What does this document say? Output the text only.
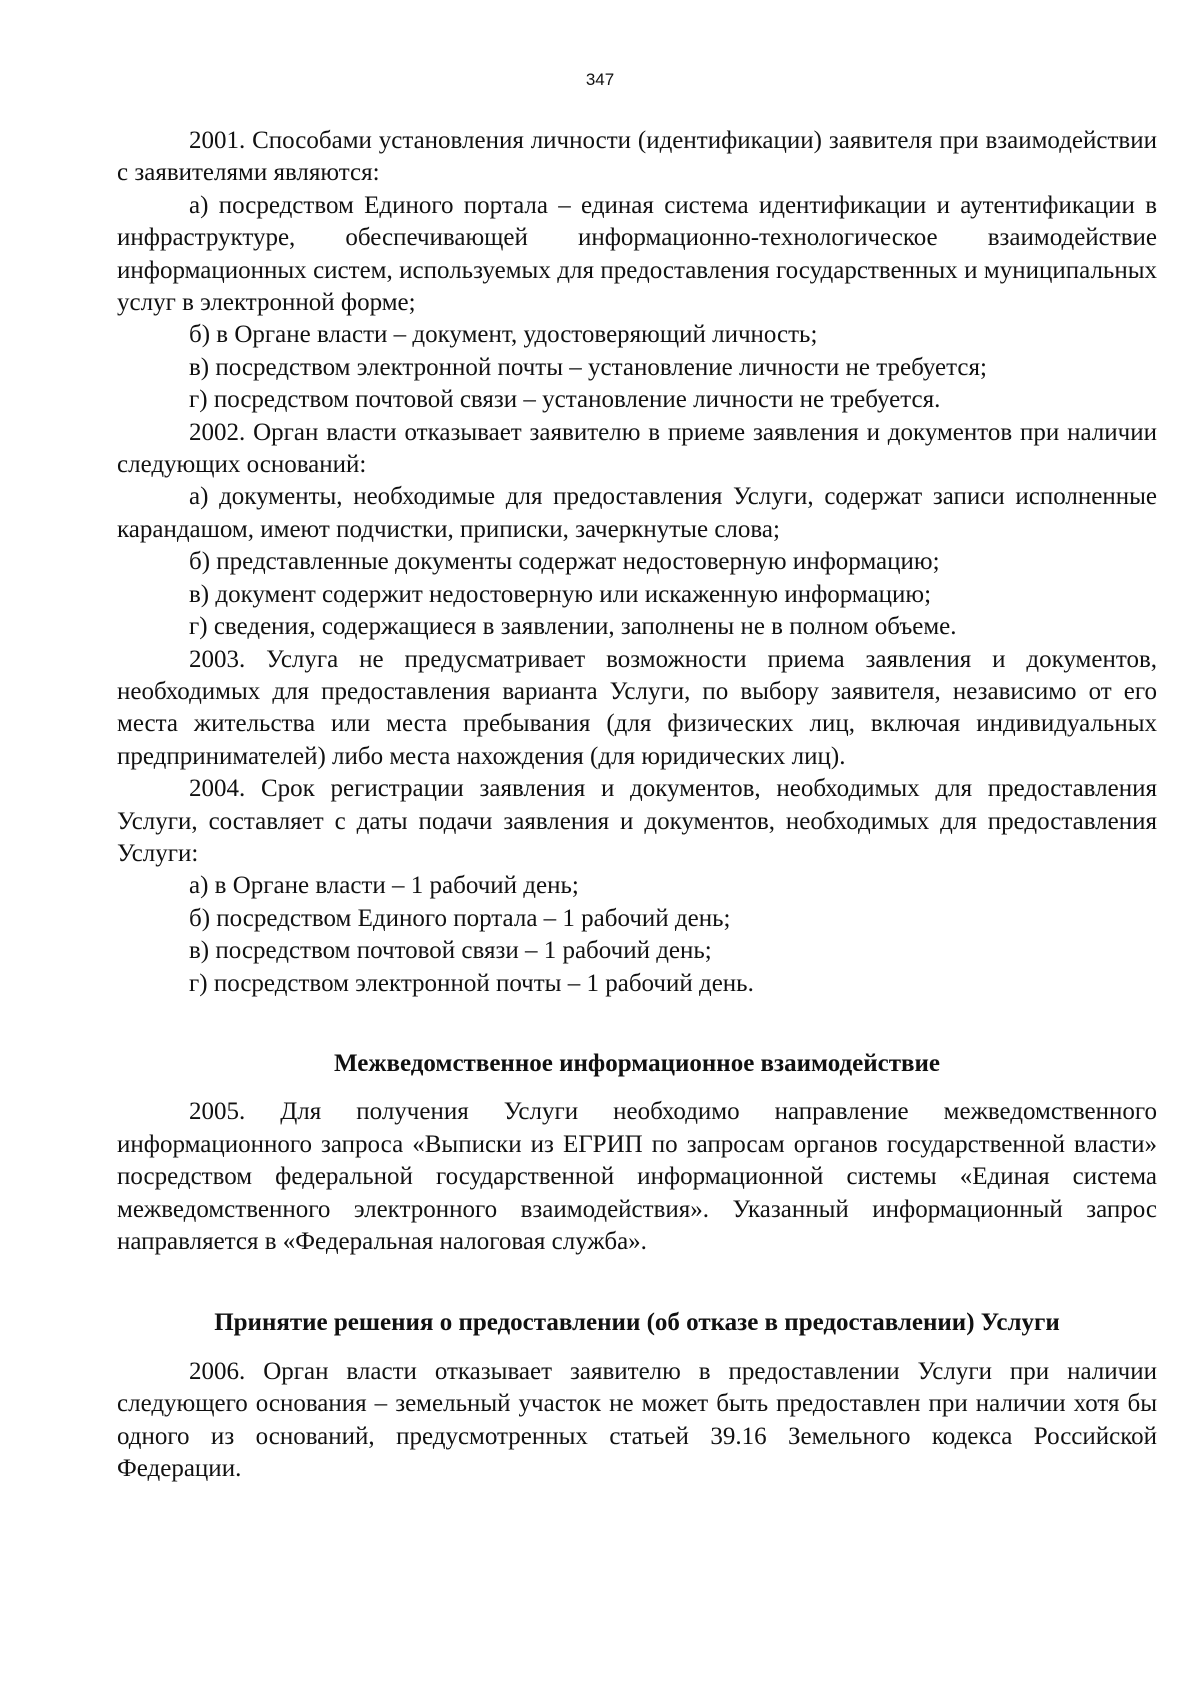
347

2001. Способами установления личности (идентификации) заявителя при взаимодействии с заявителями являются:

а) посредством Единого портала – единая система идентификации и аутентификации в инфраструктуре, обеспечивающей информационно-технологическое взаимодействие информационных систем, используемых для предоставления государственных и муниципальных услуг в электронной форме;

б) в Органе власти – документ, удостоверяющий личность;

в) посредством электронной почты – установление личности не требуется;

г) посредством почтовой связи – установление личности не требуется.

2002. Орган власти отказывает заявителю в приеме заявления и документов при наличии следующих оснований:

а) документы, необходимые для предоставления Услуги, содержат записи исполненные карандашом, имеют подчистки, приписки, зачеркнутые слова;

б) представленные документы содержат недостоверную информацию;

в) документ содержит недостоверную или искаженную информацию;

г) сведения, содержащиеся в заявлении, заполнены не в полном объеме.

2003. Услуга не предусматривает возможности приема заявления и документов, необходимых для предоставления варианта Услуги, по выбору заявителя, независимо от его места жительства или места пребывания (для физических лиц, включая индивидуальных предпринимателей) либо места нахождения (для юридических лиц).

2004. Срок регистрации заявления и документов, необходимых для предоставления Услуги, составляет с даты подачи заявления и документов, необходимых для предоставления Услуги:

а) в Органе власти – 1 рабочий день;

б) посредством Единого портала – 1 рабочий день;

в) посредством почтовой связи – 1 рабочий день;

г) посредством электронной почты – 1 рабочий день.

Межведомственное информационное взаимодействие

2005. Для получения Услуги необходимо направление межведомственного информационного запроса «Выписки из ЕГРИП по запросам органов государственной власти» посредством федеральной государственной информационной системы «Единая система межведомственного электронного взаимодействия». Указанный информационный запрос направляется в «Федеральная налоговая служба».

Принятие решения о предоставлении (об отказе в предоставлении) Услуги

2006. Орган власти отказывает заявителю в предоставлении Услуги при наличии следующего основания – земельный участок не может быть предоставлен при наличии хотя бы одного из оснований, предусмотренных статьей 39.16 Земельного кодекса Российской Федерации.
